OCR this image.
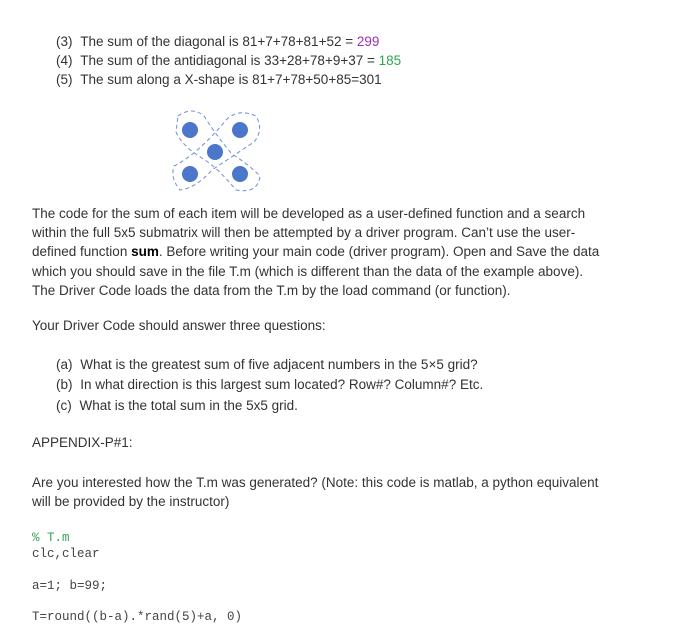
(3) The sum of the diagonal is 81+7+78+81+52 = 299
(4) The sum of the antidiagonal is 33+28+78+9+37 = 185
(5) The sum along a X-shape is 81+7+78+50+85=301
The code for the sum of each item will be developed as a user-defined function and a search
within the full 5x5 submatrix will then be attempted by a driver program. Can’t use the user-
defined function sum. Before writing your main code (driver program). Open and Save the data
which you should save in the file T.m (which is different than the data of the example above).
The Driver Code loads the data from the T.m by the load command (or function).
Your Driver Code should answer three questions:
(a) What is the greatest sum of five adjacent numbers in the 5×5 grid?
(b) In what direction is this largest sum located? Row#? Column#? Etc.
(c) What is the total sum in the 5x5 grid.
APPENDIX-P#1:
Are you interested how the T.m was generated? (Note: this code is matlab, a python equivalent
will be provided by the instructor)
% T.m
clc,clear
a=1; b=99;
T=round((b-a).*rand(5)+a, 0)
